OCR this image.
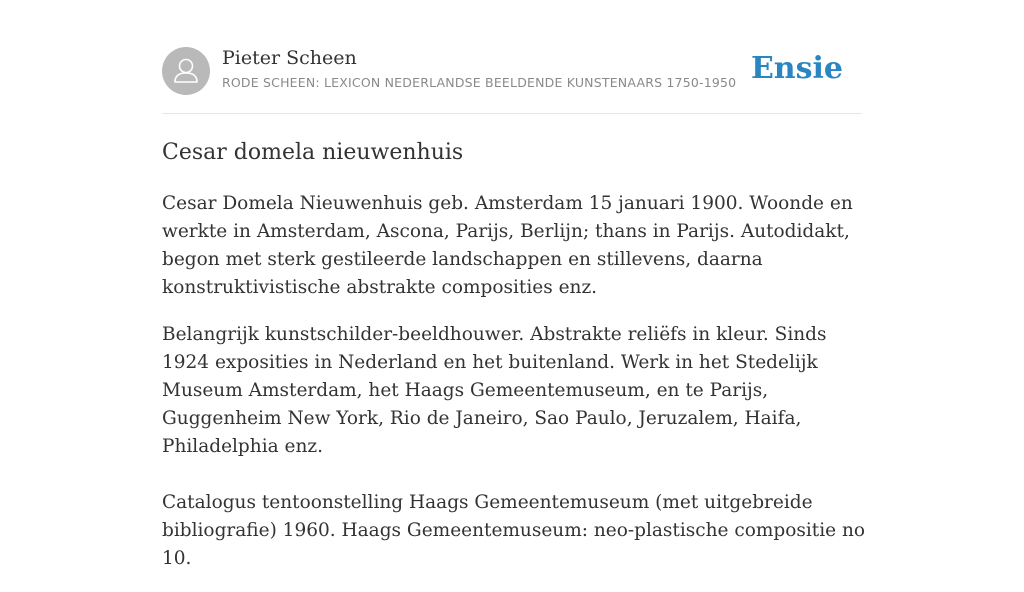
Pieter Scheen
RODE SCHEEN: LEXICON NEDERLANDSE BEELDENDE KUNSTENAARS 1750-1950 Ensie
Cesar domela nieuwenhuis

Cesar Domela Nieuwenhuis geb. Amsterdam 15 januari 1900. Woonde en werkte in Amsterdam, Ascona, Parijs, Berlijn; thans in Parijs. Autodidakt, begon met sterk gestileerde landschappen en stillevens, daarna konstruktivistische abstrakte composities enz.

Belangrijk kunstschilder-beeldhouwer. Abstrakte reliëfs in kleur. Sinds 1924 exposities in Nederland en het buitenland. Werk in het Stedelijk Museum Amsterdam, het Haags Gemeentemuseum, en te Parijs, Guggenheim New York, Rio de Janeiro, Sao Paulo, Jeruzalem, Haifa, Philadelphia enz.

Catalogus tentoonstelling Haags Gemeentemuseum (met uitgebreide bibliografie) 1960. Haags Gemeentemuseum: neo-plastische compositie no 10.
